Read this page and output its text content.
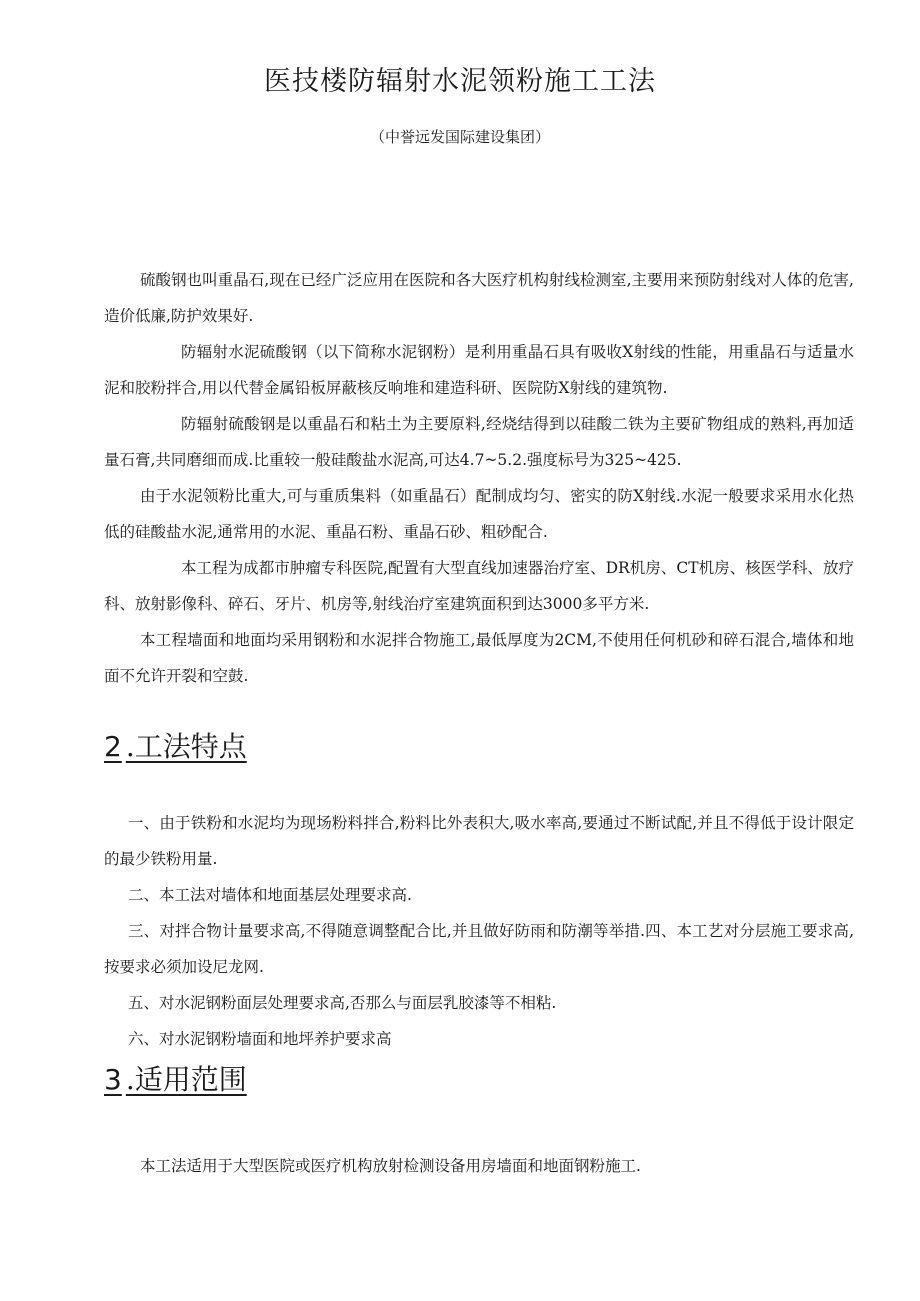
医技楼防辐射水泥领粉施工工法
（中誉远发国际建设集团）

硫酸钢也叫重晶石,现在已经广泛应用在医院和各大医疗机构射线检测室,主要用来预防射线对人体的危害,造价低廉,防护效果好.

防辐射水泥硫酸钢（以下简称水泥钢粉）是利用重晶石具有吸收X射线的性能，用重晶石与适量水泥和胶粉拌合,用以代替金属铅板屏蔽核反响堆和建造科研、医院防X射线的建筑物.

防辐射硫酸钢是以重晶石和粘土为主要原料,经烧结得到以硅酸二铁为主要矿物组成的熟料,再加适量石膏,共同磨细而成.比重较一般硅酸盐水泥高,可达4.7~5.2.强度标号为325~425.

由于水泥领粉比重大,可与重质集料（如重晶石）配制成均匀、密实的防X射线.水泥一般要求采用水化热低的硅酸盐水泥,通常用的水泥、重晶石粉、重晶石砂、粗砂配合.

本工程为成都市肿瘤专科医院,配置有大型直线加速器治疗室、DR机房、CT机房、核医学科、放疗科、放射影像科、碎石、牙片、机房等,射线治疗室建筑面积到达3000多平方米.

本工程墙面和地面均采用钢粉和水泥拌合物施工,最低厚度为2CM,不使用任何机砂和碎石混合,墙体和地面不允许开裂和空鼓.

2 .工法特点
一、由于铁粉和水泥均为现场粉料拌合,粉料比外表积大,吸水率高,要通过不断试配,并且不得低于设计限定的最少铁粉用量.
二、本工法对墙体和地面基层处理要求高.
三、对拌合物计量要求高,不得随意调整配合比,并且做好防雨和防潮等举措.四、本工艺对分层施工要求高,按要求必须加设尼龙网.
五、对水泥钢粉面层处理要求高,否那么与面层乳胶漆等不相粘.
六、对水泥钢粉墙面和地坪养护要求高
3 .适用范围

本工法适用于大型医院或医疗机构放射检测设备用房墙面和地面钢粉施工.
